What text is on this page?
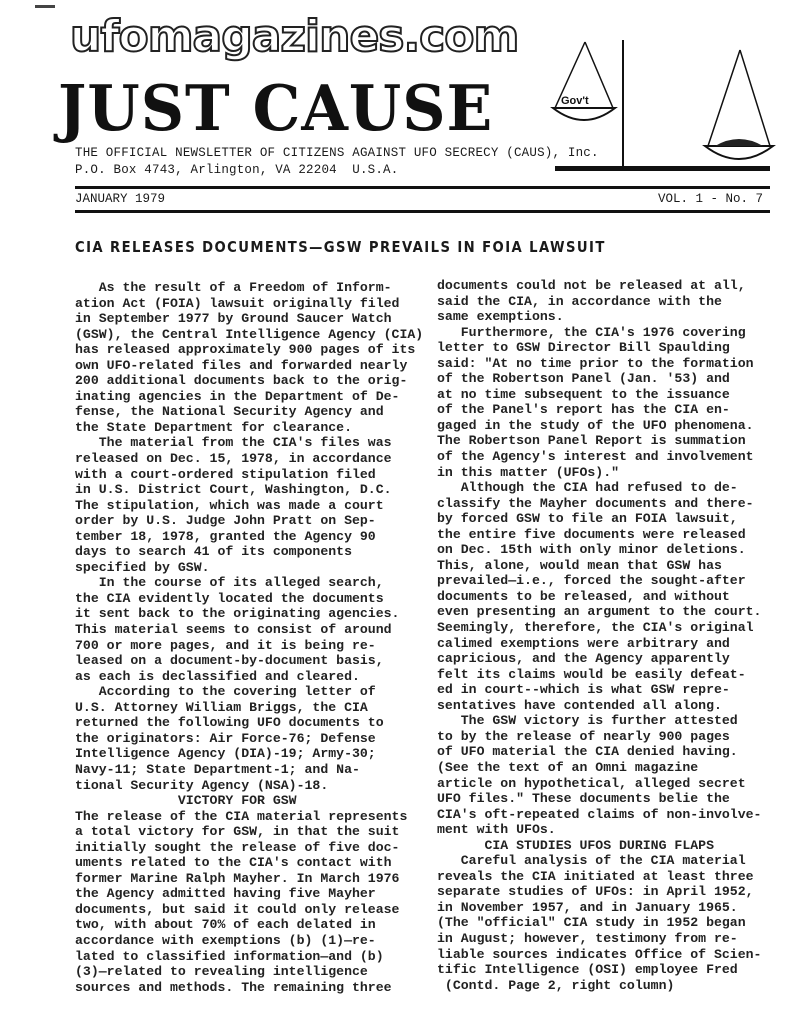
ufomagazines.com
JUST CAUSE	Gov't
THE OFFICIAL NEWSLETTER OF CITIZENS AGAINST UFO SECRECY (CAUS), Inc.
P.O. Box 4743, Arlington, VA 22204  U.S.A.
JANUARY 1979	VOL. 1 - No. 7
CIA RELEASES DOCUMENTS—GSW PREVAILS IN FOIA LAWSUIT
As the result of a Freedom of Inform-
ation Act (FOIA) lawsuit originally filed
in September 1977 by Ground Saucer Watch
(GSW), the Central Intelligence Agency (CIA)
has released approximately 900 pages of its
own UFO-related files and forwarded nearly
200 additional documents back to the orig-
inating agencies in the Department of De-
fense, the National Security Agency and
the State Department for clearance.
The material from the CIA's files was
released on Dec. 15, 1978, in accordance
with a court-ordered stipulation filed
in U.S. District Court, Washington, D.C.
The stipulation, which was made a court
order by U.S. Judge John Pratt on Sep-
tember 18, 1978, granted the Agency 90
days to search 41 of its components
specified by GSW.
In the course of its alleged search,
the CIA evidently located the documents
it sent back to the originating agencies.
This material seems to consist of around
700 or more pages, and it is being re-
leased on a document-by-document basis,
as each is declassified and cleared.
According to the covering letter of
U.S. Attorney William Briggs, the CIA
returned the following UFO documents to
the originators: Air Force-76; Defense
Intelligence Agency (DIA)-19; Army-30;
Navy-11; State Department-1; and Na-
tional Security Agency (NSA)-18.
VICTORY FOR GSW
The release of the CIA material represents
a total victory for GSW, in that the suit
initially sought the release of five doc-
uments related to the CIA's contact with
former Marine Ralph Mayher. In March 1976
the Agency admitted having five Mayher
documents, but said it could only release
two, with about 70% of each delated in
accordance with exemptions (b) (1)—re-
lated to classified information—and (b)
(3)—related to revealing intelligence
sources and methods. The remaining three
documents could not be released at all,
said the CIA, in accordance with the
same exemptions.
Furthermore, the CIA's 1976 covering
letter to GSW Director Bill Spaulding
said: "At no time prior to the formation
of the Robertson Panel (Jan. '53) and
at no time subsequent to the issuance
of the Panel's report has the CIA en-
gaged in the study of the UFO phenomena.
The Robertson Panel Report is summation
of the Agency's interest and involvement
in this matter (UFOs)."
Although the CIA had refused to de-
classify the Mayher documents and there-
by forced GSW to file an FOIA lawsuit,
the entire five documents were released
on Dec. 15th with only minor deletions.
This, alone, would mean that GSW has
prevailed—i.e., forced the sought-after
documents to be released, and without
even presenting an argument to the court.
Seemingly, therefore, the CIA's original
calimed exemptions were arbitrary and
capricious, and the Agency apparently
felt its claims would be easily defeat-
ed in court--which is what GSW repre-
sentatives have contended all along.
The GSW victory is further attested
to by the release of nearly 900 pages
of UFO material the CIA denied having.
(See the text of an Omni magazine
article on hypothetical, alleged secret
UFO files." These documents belie the
CIA's oft-repeated claims of non-involve-
ment with UFOs.
CIA STUDIES UFOS DURING FLAPS
Careful analysis of the CIA material
reveals the CIA initiated at least three
separate studies of UFOs: in April 1952,
in November 1957, and in January 1965.
(The "official" CIA study in 1952 began
in August; however, testimony from re-
liable sources indicates Office of Scien-
tific Intelligence (OSI) employee Fred
(Contd. Page 2, right column)
